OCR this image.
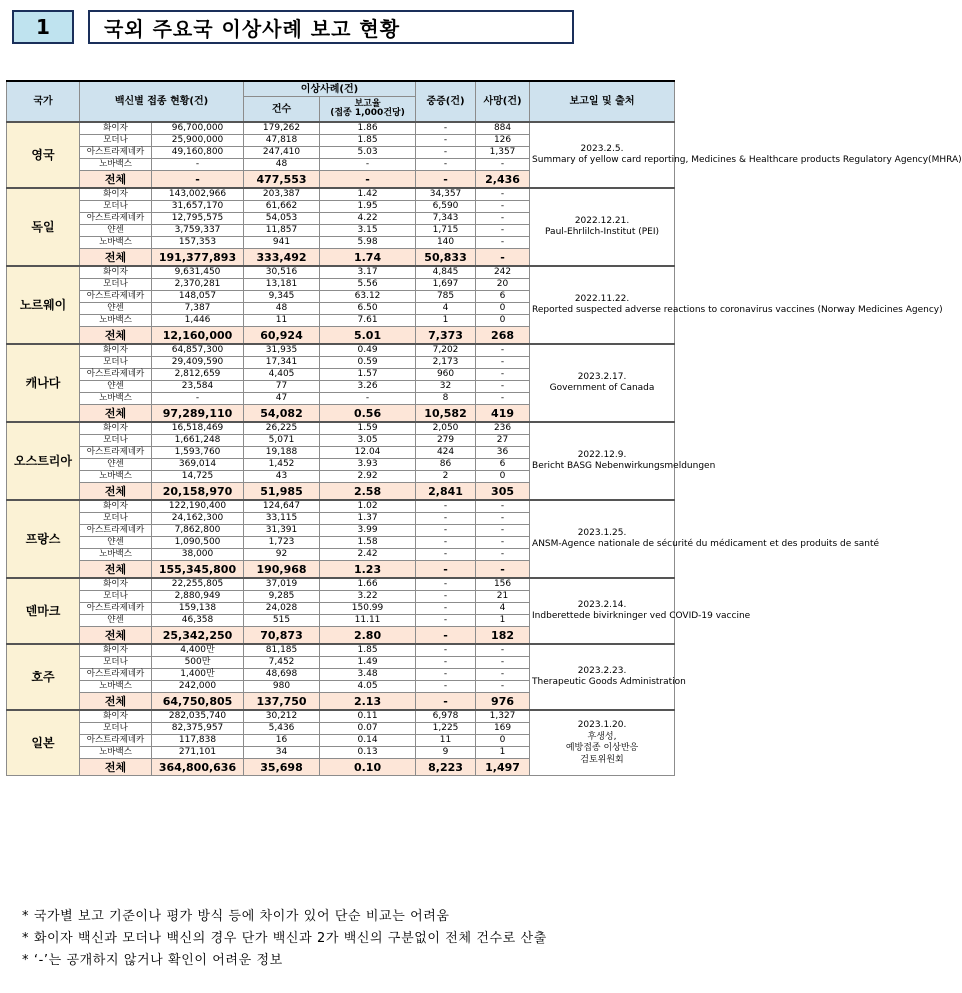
1	국외 주요국 이상사례 보고 현황
국가	백신별 접종 현황(건)		이상사례(건)		중증(건)	사망(건)	보고일 및 출처
			건수	보고율
(접종 1,000건당)			

영국	화이자	96,700,000	179,262	1.86	-	884	2023.2.5.
Summary of yellow card reporting, Medicines & Healthcare products Regulatory Agency(MHRA)

	모더나	25,900,000	47,818	1.85	-	126	
	아스트라제네카	49,160,800	247,410	5.03	-	1,357	
	노바백스	-	48	-	-	-	
	전체	-	477,553	-	-	2,436	
독일	화이자	143,002,966	203,387	1.42	34,357	-	2022.12.21.
Paul-Ehrlilch-Institut (PEI)

	모더나	31,657,170	61,662	1.95	6,590	-	
	아스트라제네카	12,795,575	54,053	4.22	7,343	-	
	얀센	3,759,337	11,857	3.15	1,715	-	
	노바백스	157,353	941	5.98	140	-	
	전체	191,377,893	333,492	1.74	50,833	-	
노르웨이	화이자	9,631,450	30,516	3.17	4,845	242	2022.11.22.
Reported suspected adverse reactions to coronavirus vaccines (Norway Medicines Agency)

	모더나	2,370,281	13,181	5.56	1,697	20	
	아스트라제네카	148,057	9,345	63.12	785	6	
	얀센	7,387	48	6.50	4	0	
	노바백스	1,446	11	7.61	1	0	
	전체	12,160,000	60,924	5.01	7,373	268	
캐나다	화이자	64,857,300	31,935	0.49	7,202	-	2023.2.17.
Government of Canada

	모더나	29,409,590	17,341	0.59	2,173	-	
	아스트라제네카	2,812,659	4,405	1.57	960	-	
	얀센	23,584	77	3.26	32	-	
	노바백스	-	47	-	8	-	
	전체	97,289,110	54,082	0.56	10,582	419	
오스트리아	화이자	16,518,469	26,225	1.59	2,050	236	2022.12.9.
Bericht BASG Nebenwirkungsmeldungen

	모더나	1,661,248	5,071	3.05	279	27	
	아스트라제네카	1,593,760	19,188	12.04	424	36	
	얀센	369,014	1,452	3.93	86	6	
	노바백스	14,725	43	2.92	2	0	
	전체	20,158,970	51,985	2.58	2,841	305	
프랑스	화이자	122,190,400	124,647	1.02	-	-	2023.1.25.
ANSM-Agence nationale de sécurité du médicament et des produits de santé

	모더나	24,162,300	33,115	1.37	-	-	
	아스트라제네카	7,862,800	31,391	3.99	-	-	
	얀센	1,090,500	1,723	1.58	-	-	
	노바백스	38,000	92	2.42	-	-	
	전체	155,345,800	190,968	1.23	-	-	
덴마크	화이자	22,255,805	37,019	1.66	-	156	2023.2.14.
Indberettede bivirkninger ved COVID-19 vaccine

	모더나	2,880,949	9,285	3.22	-	21	
	아스트라제네카	159,138	24,028	150.99	-	4	
	얀센	46,358	515	11.11	-	1	
	전체	25,342,250	70,873	2.80	-	182	
호주	화이자	4,400만	81,185	1.85	-	-	2023.2.23.
Therapeutic Goods Administration

	모더나	500만	7,452	1.49	-	-	
	아스트라제네카	1,400만	48,698	3.48	-	-	
	노바백스	242,000	980	4.05	-	-	
	전체	64,750,805	137,750	2.13	-	976	
일본	화이자	282,035,740	30,212	0.11	6,978	1,327	2023.1.20.
후생성,
예방접종 이상반응
검토위원회

	모더나	82,375,957	5,436	0.07	1,225	169	
	아스트라제네카	117,838	16	0.14	11	0	
	노바백스	271,101	34	0.13	9	1	
	전체	364,800,636	35,698	0.10	8,223	1,497	
* 국가별 보고 기준이나 평가 방식 등에 차이가 있어 단순 비교는 어려움
* 화이자 백신과 모더나 백신의 경우 단가 백신과 2가 백신의 구분없이 전체 건수로 산출
* ‘-’는 공개하지 않거나 확인이 어려운 정보
